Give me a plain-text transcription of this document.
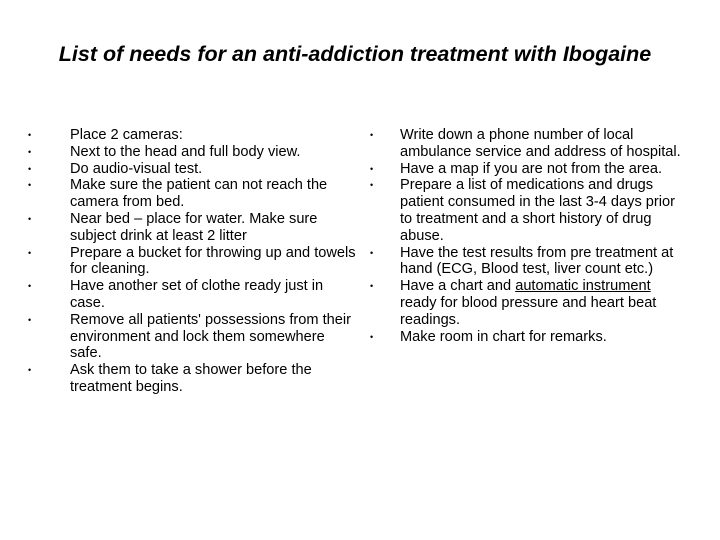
List of needs for an anti-addiction treatment with Ibogaine
•	Place 2 cameras:
•	Next to the head and full body view.
•	Do audio-visual test.
•	Make sure the patient can not reach the camera from bed.
•	Near bed – place for water. Make sure subject drink at least 2 litter
•	Prepare a bucket for throwing up and towels for cleaning.
•	Have another set of clothe ready just in case.
•	Remove all patients' possessions from their environment and lock them somewhere safe.
•	Ask them to take a shower before the treatment begins.
•	Write down a phone number of local ambulance service and address of hospital.
•	Have a map if you are not from the area.
•	Prepare a list of medications and drugs patient consumed in the last 3-4 days prior to treatment and a short history of drug abuse.
•	Have the test results from pre treatment at hand (ECG, Blood test, liver count etc.)
•	Have a chart and automatic instrument ready for blood pressure and heart beat readings.
•	Make room in chart for remarks.
